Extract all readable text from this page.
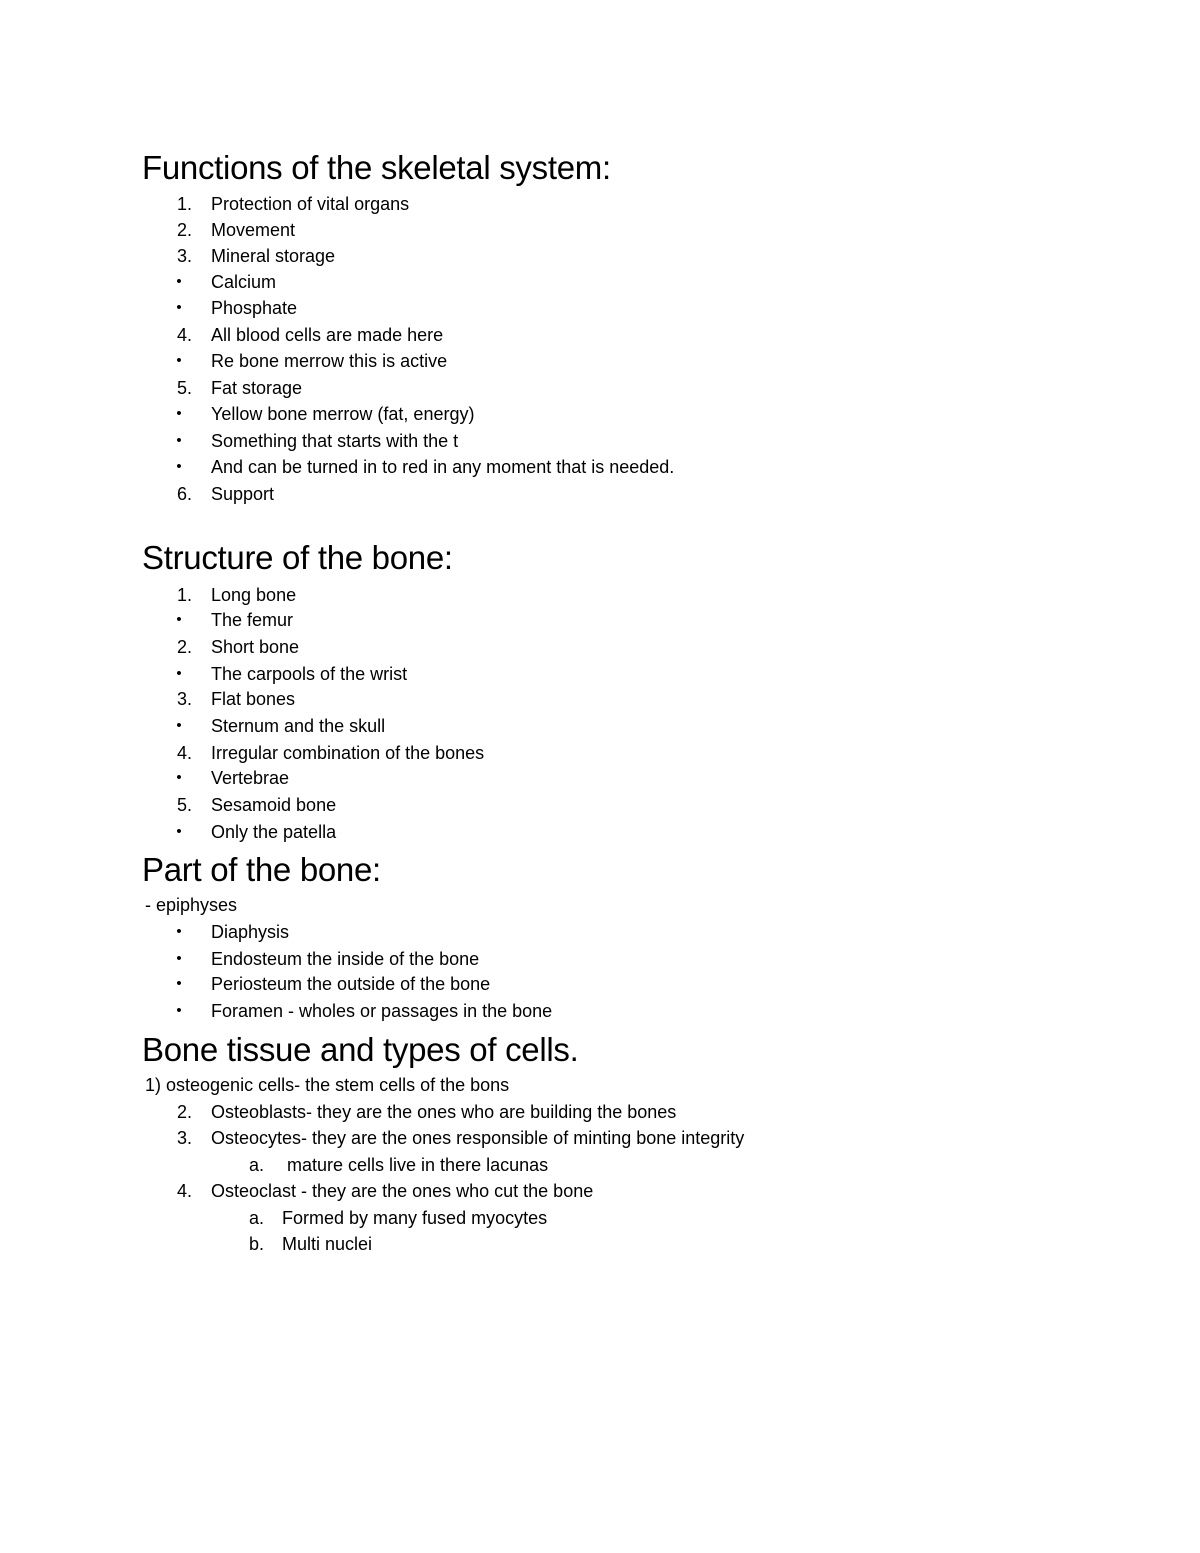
Functions of the skeletal system:
1. Protection of vital organs
2. Movement
3. Mineral storage
• Calcium
• Phosphate
4. All blood cells are made here
• Re bone merrow this is active
5. Fat storage
• Yellow bone merrow (fat, energy)
• Something that starts with the t
• And can be turned in to red in any moment that is needed.
6. Support
Structure of the bone:
1. Long bone
• The femur
2. Short bone
• The carpools of the wrist
3. Flat bones
• Sternum and the skull
4. Irregular combination of the bones
• Vertebrae
5. Sesamoid bone
• Only the patella
Part of the bone:
- epiphyses
• Diaphysis
• Endosteum the inside of the bone
• Periosteum the outside of the bone
• Foramen - wholes or passages in the bone
Bone tissue and types of cells.
1) osteogenic cells- the stem cells of the bons
2. Osteoblasts- they are the ones who are building the bones
3. Osteocytes- they are the ones responsible of minting bone integrity
a. mature cells live in there lacunas
4. Osteoclast - they are the ones who cut the bone
a. Formed by many fused myocytes
b. Multi nuclei
